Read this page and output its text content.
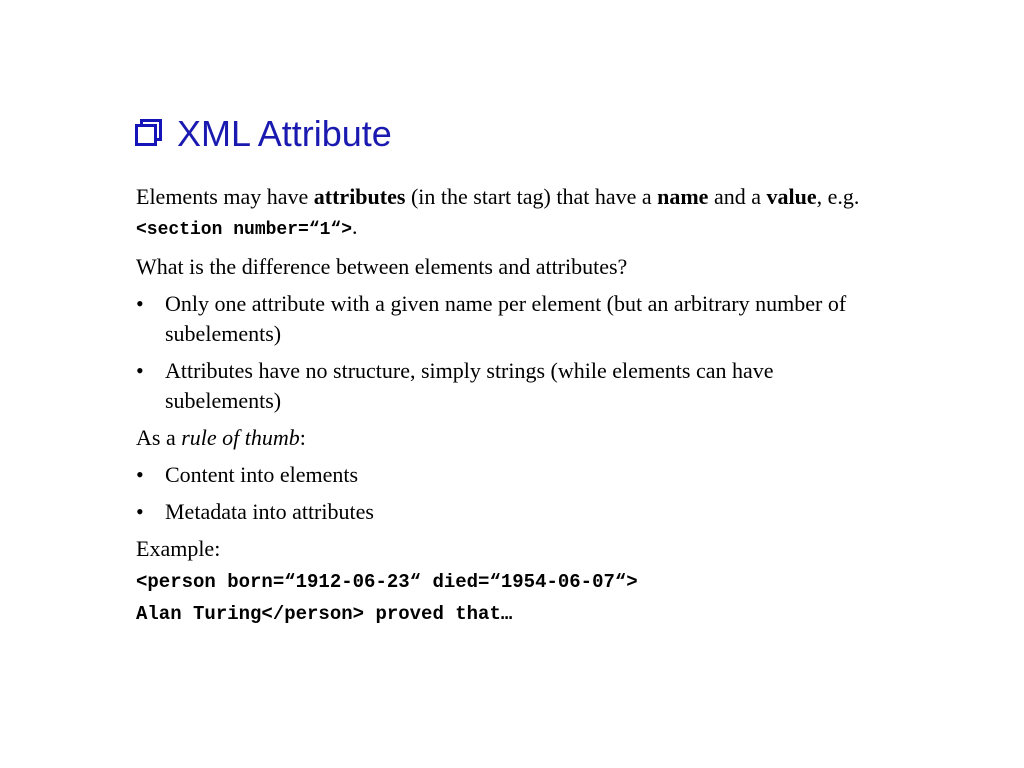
XML Attribute
Elements may have attributes (in the start tag) that have a name and a value, e.g. <section number=“1“>.
What is the difference between elements and attributes?
• Only one attribute with a given name per element (but an arbitrary number of subelements)
• Attributes have no structure, simply strings (while elements can have subelements)
As a rule of thumb:
• Content into elements
• Metadata into attributes
Example:
<person born=“1912-06-23“ died=“1954-06-07“>
Alan Turing</person> proved that…
